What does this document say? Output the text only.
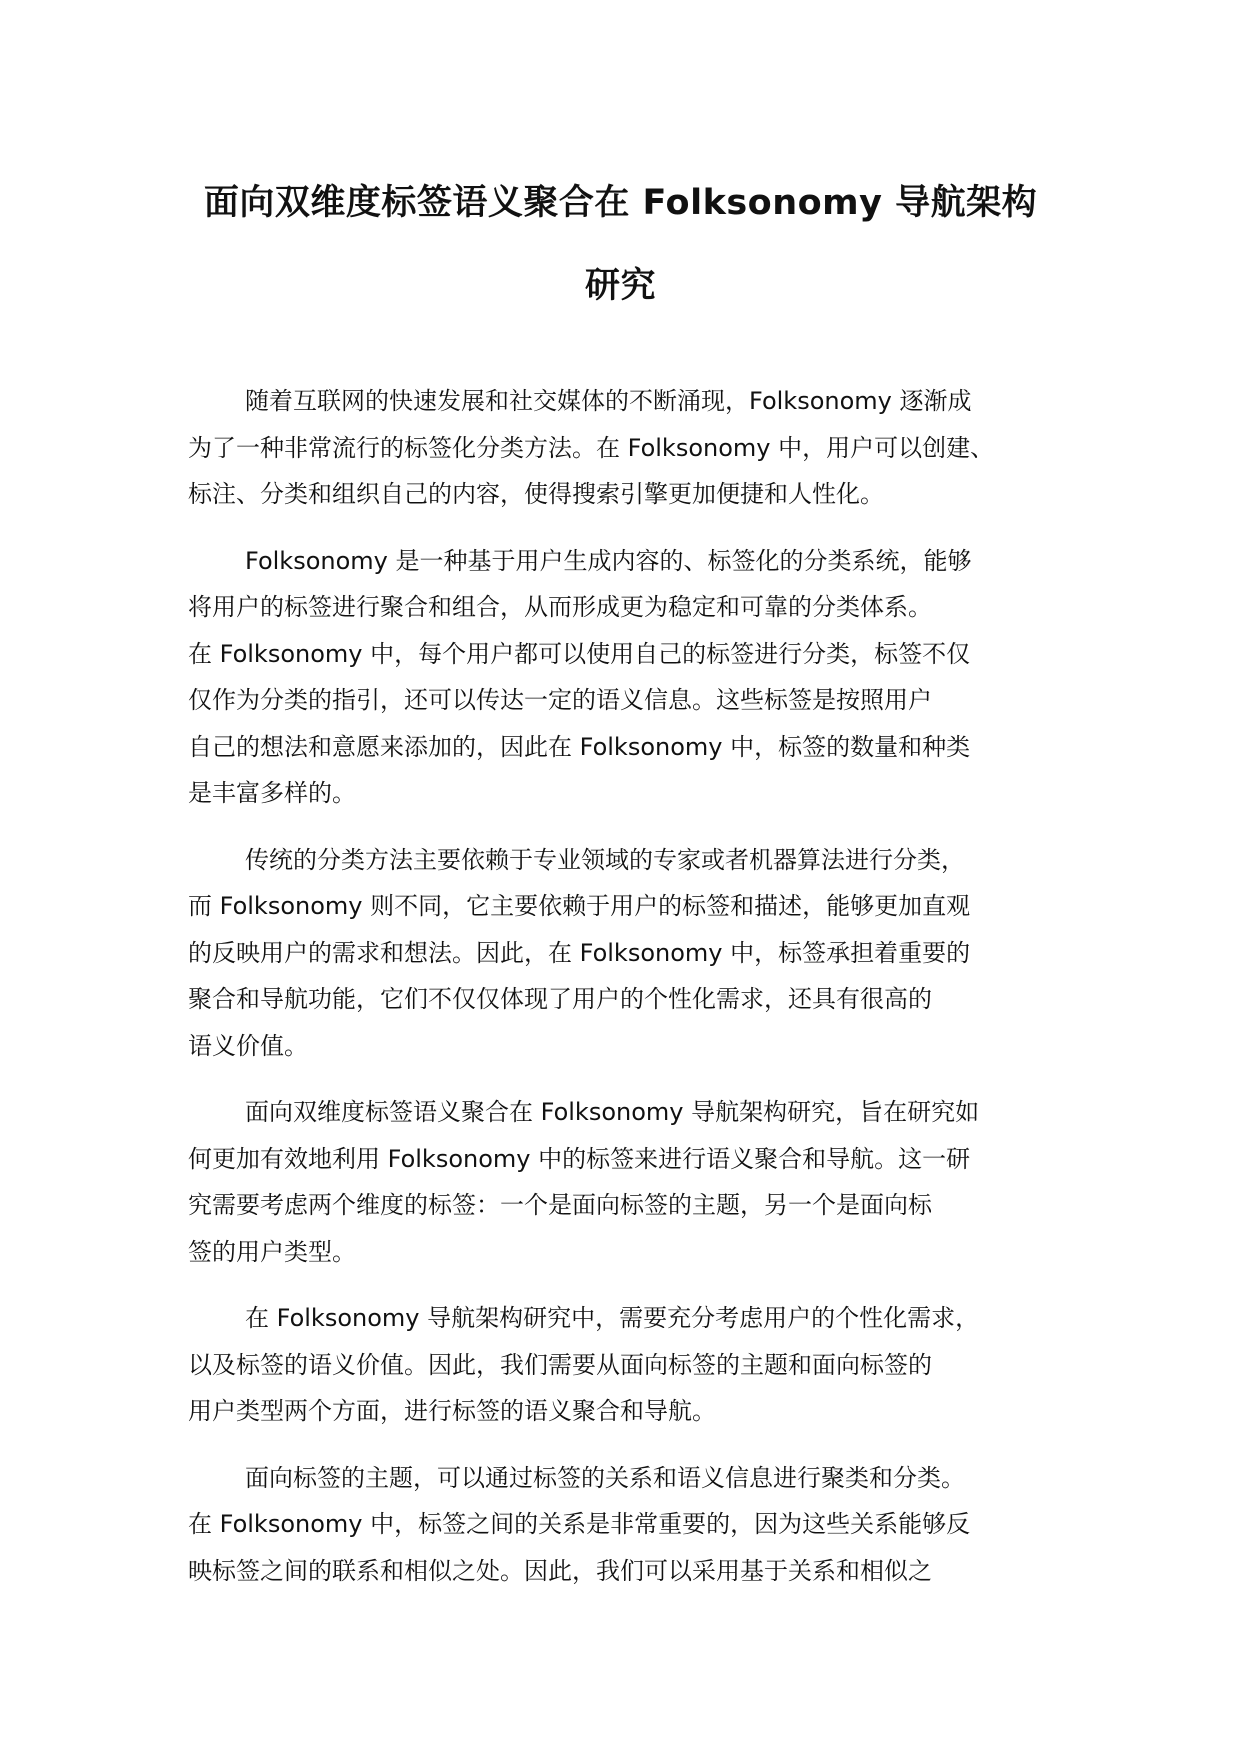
面向双维度标签语义聚合在 Folksonomy 导航架构
研究

随着互联网的快速发展和社交媒体的不断涌现，Folksonomy 逐渐成
为了一种非常流行的标签化分类方法。在 Folksonomy 中，用户可以创建、
标注、分类和组织自己的内容，使得搜索引擎更加便捷和人性化。

Folksonomy 是一种基于用户生成内容的、标签化的分类系统，能够
将用户的标签进行聚合和组合，从而形成更为稳定和可靠的分类体系。
在 Folksonomy 中，每个用户都可以使用自己的标签进行分类，标签不仅
仅作为分类的指引，还可以传达一定的语义信息。这些标签是按照用户
自己的想法和意愿来添加的，因此在 Folksonomy 中，标签的数量和种类
是丰富多样的。

传统的分类方法主要依赖于专业领域的专家或者机器算法进行分类，
而 Folksonomy 则不同，它主要依赖于用户的标签和描述，能够更加直观
的反映用户的需求和想法。因此，在 Folksonomy 中，标签承担着重要的
聚合和导航功能，它们不仅仅体现了用户的个性化需求，还具有很高的
语义价值。

面向双维度标签语义聚合在 Folksonomy 导航架构研究，旨在研究如
何更加有效地利用 Folksonomy 中的标签来进行语义聚合和导航。这一研
究需要考虑两个维度的标签：一个是面向标签的主题，另一个是面向标
签的用户类型。

在 Folksonomy 导航架构研究中，需要充分考虑用户的个性化需求，
以及标签的语义价值。因此，我们需要从面向标签的主题和面向标签的
用户类型两个方面，进行标签的语义聚合和导航。

面向标签的主题，可以通过标签的关系和语义信息进行聚类和分类。
在 Folksonomy 中，标签之间的关系是非常重要的，因为这些关系能够反
映标签之间的联系和相似之处。因此，我们可以采用基于关系和相似之
